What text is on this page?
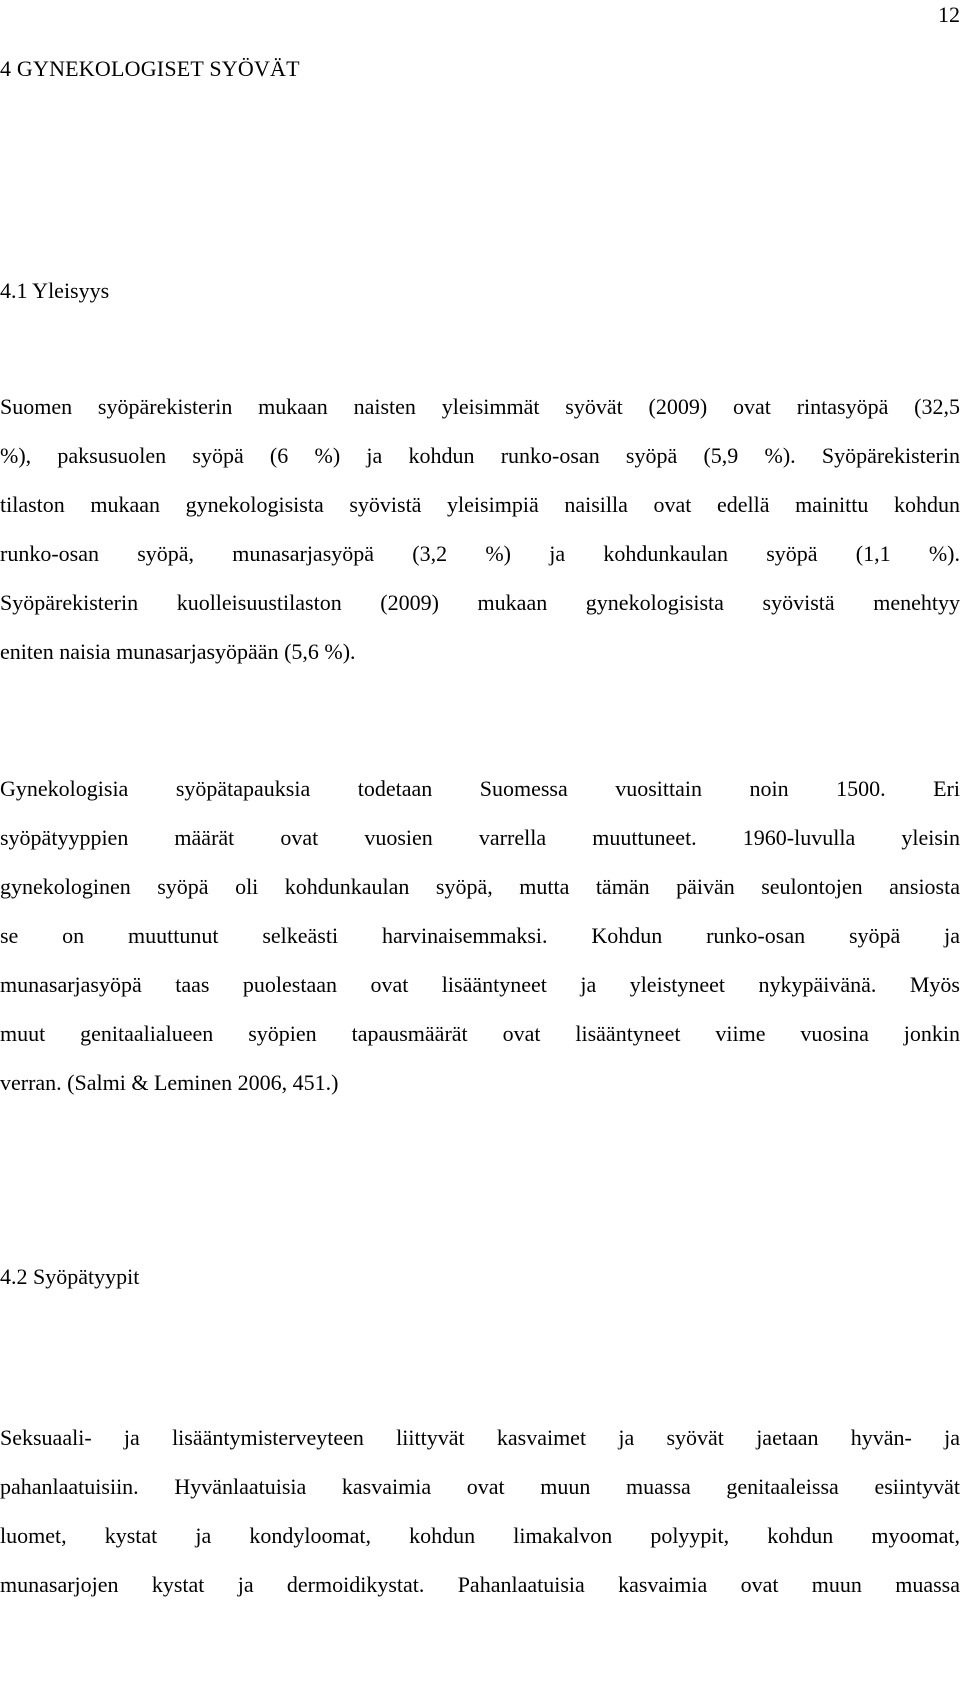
12
4 GYNEKOLOGISET SYÖVÄT
4.1 Yleisyys
Suomen syöpärekisterin mukaan naisten yleisimmät syövät (2009) ovat rintasyöpä (32,5
%), paksusuolen syöpä (6 %) ja kohdun runko-osan syöpä (5,9 %). Syöpärekisterin
tilaston mukaan gynekologisista syövistä yleisimpiä naisilla ovat edellä mainittu kohdun
runko-osan syöpä, munasarjasyöpä (3,2 %) ja kohdunkaulan syöpä (1,1 %).
Syöpärekisterin kuolleisuustilaston (2009) mukaan gynekologisista syövistä menehtyy
eniten naisia munasarjasyöpään (5,6 %).
Gynekologisia syöpätapauksia todetaan Suomessa vuosittain noin 1500. Eri
syöpätyyppien määrät ovat vuosien varrella muuttuneet. 1960-luvulla yleisin
gynekologinen syöpä oli kohdunkaulan syöpä, mutta tämän päivän seulontojen ansiosta
se on muuttunut selkeästi harvinaisemmaksi. Kohdun runko-osan syöpä ja
munasarjasyöpä taas puolestaan ovat lisääntyneet ja yleistyneet nykypäivänä. Myös
muut genitaalialueen syöpien tapausmäärät ovat lisääntyneet viime vuosina jonkin
verran. (Salmi & Leminen 2006, 451.)
4.2 Syöpätyypit
Seksuaali- ja lisääntymisterveyteen liittyvät kasvaimet ja syövät jaetaan hyvän- ja
pahanlaatuisiin. Hyvänlaatuisia kasvaimia ovat muun muassa genitaaleissa esiintyvät
luomet, kystat ja kondyloomat, kohdun limakalvon polyypit, kohdun myoomat,
munasarjojen kystat ja dermoidikystat. Pahanlaatuisia kasvaimia ovat muun muassa
